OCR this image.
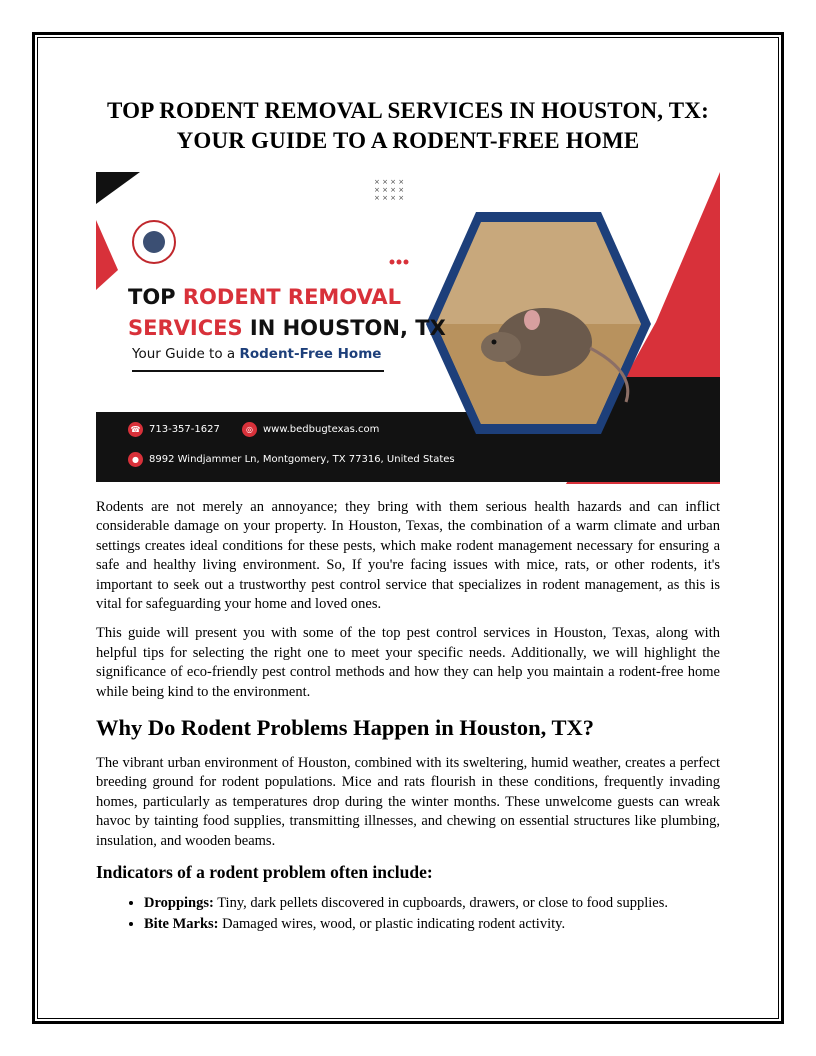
TOP RODENT REMOVAL SERVICES IN HOUSTON, TX: YOUR GUIDE TO A RODENT-FREE HOME
× × × ×
× × × ×
× × × ×
TOP RODENT REMOVAL
SERVICES IN HOUSTON, TX
Your Guide to a Rodent-Free Home
☎ 713-357-1627	◎	www.bedbugtexas.com
●	8992 Windjammer Ln, Montgomery, TX 77316, United States

Rodents are not merely an annoyance; they bring with them serious health hazards and can inflict considerable damage on your property. In Houston, Texas, the combination of a warm climate and urban settings creates ideal conditions for these pests, which make rodent management necessary for ensuring a safe and healthy living environment. So, If you're facing issues with mice, rats, or other rodents, it's important to seek out a trustworthy pest control service that specializes in rodent management, as this is vital for safeguarding your home and loved ones.

This guide will present you with some of the top pest control services in Houston, Texas, along with helpful tips for selecting the right one to meet your specific needs. Additionally, we will highlight the significance of eco-friendly pest control methods and how they can help you maintain a rodent-free home while being kind to the environment.

Why Do Rodent Problems Happen in Houston, TX?

The vibrant urban environment of Houston, combined with its sweltering, humid weather, creates a perfect breeding ground for rodent populations. Mice and rats flourish in these conditions, frequently invading homes, particularly as temperatures drop during the winter months. These unwelcome guests can wreak havoc by tainting food supplies, transmitting illnesses, and chewing on essential structures like plumbing, insulation, and wooden beams.

Indicators of a rodent problem often include:
• Droppings: Tiny, dark pellets discovered in cupboards, drawers, or close to food supplies.
• Bite Marks: Damaged wires, wood, or plastic indicating rodent activity.
